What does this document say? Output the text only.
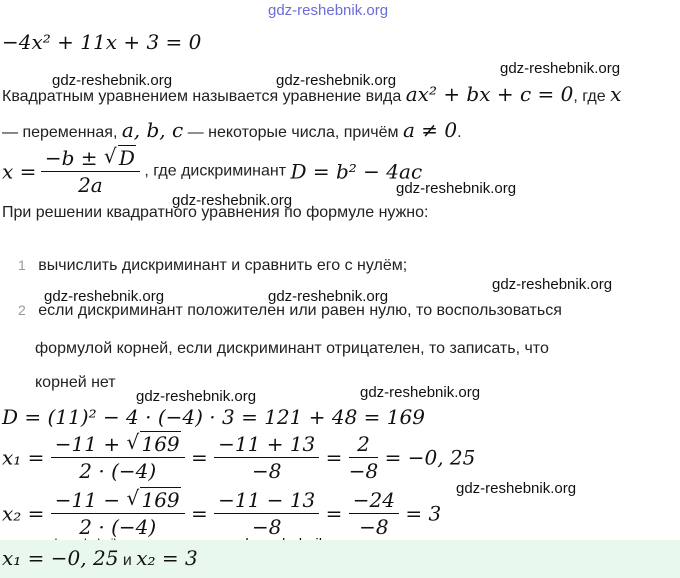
gdz-reshebnik.org
gdz-reshebnik.org	gdz-reshebnik.org
gdz-reshebnik.org
gdz-reshebnik.org
gdz-reshebnik.org
gdz-reshebnik.org
gdz-reshebnik.org	gdz-reshebnik.org
gdz-reshebnik.org	gdz-reshebnik.org
gdz-reshebnik.org
−4x² + 11x + 3 = 0
Квадратным уравнением называется уравнение вида ax² + bx + c = 0, где x
— переменная, a, b, c — некоторые числа, причём a ≠ 0.
$x = \frac{-b \pm √ D}{2a}$ , где дискриминант D = b² − 4ac
При решении квадратного уравнения по формуле нужно:
1 вычислить дискриминант и сравнить его с нулём;
2 если дискриминант положителен или равен нулю, то воспользоваться
формулой корней, если дискриминант отрицателен, то записать, что
корней нет
D = (11)² − 4 · (−4) · 3 = 121 + 48 = 169
$x_1 = \frac{-11 + √ 169}{2 \cdot (-4)} = \frac{-11 + 13}{-8} = \frac{2}{-8} = -0$, 25
$x_2 = \frac{-11 - √ 169}{2 \cdot (-4)} = \frac{-11 - 13}{-8} = \frac{-24}{-8} = 3$
x₁ = −0, 25 и x₂ = 3
